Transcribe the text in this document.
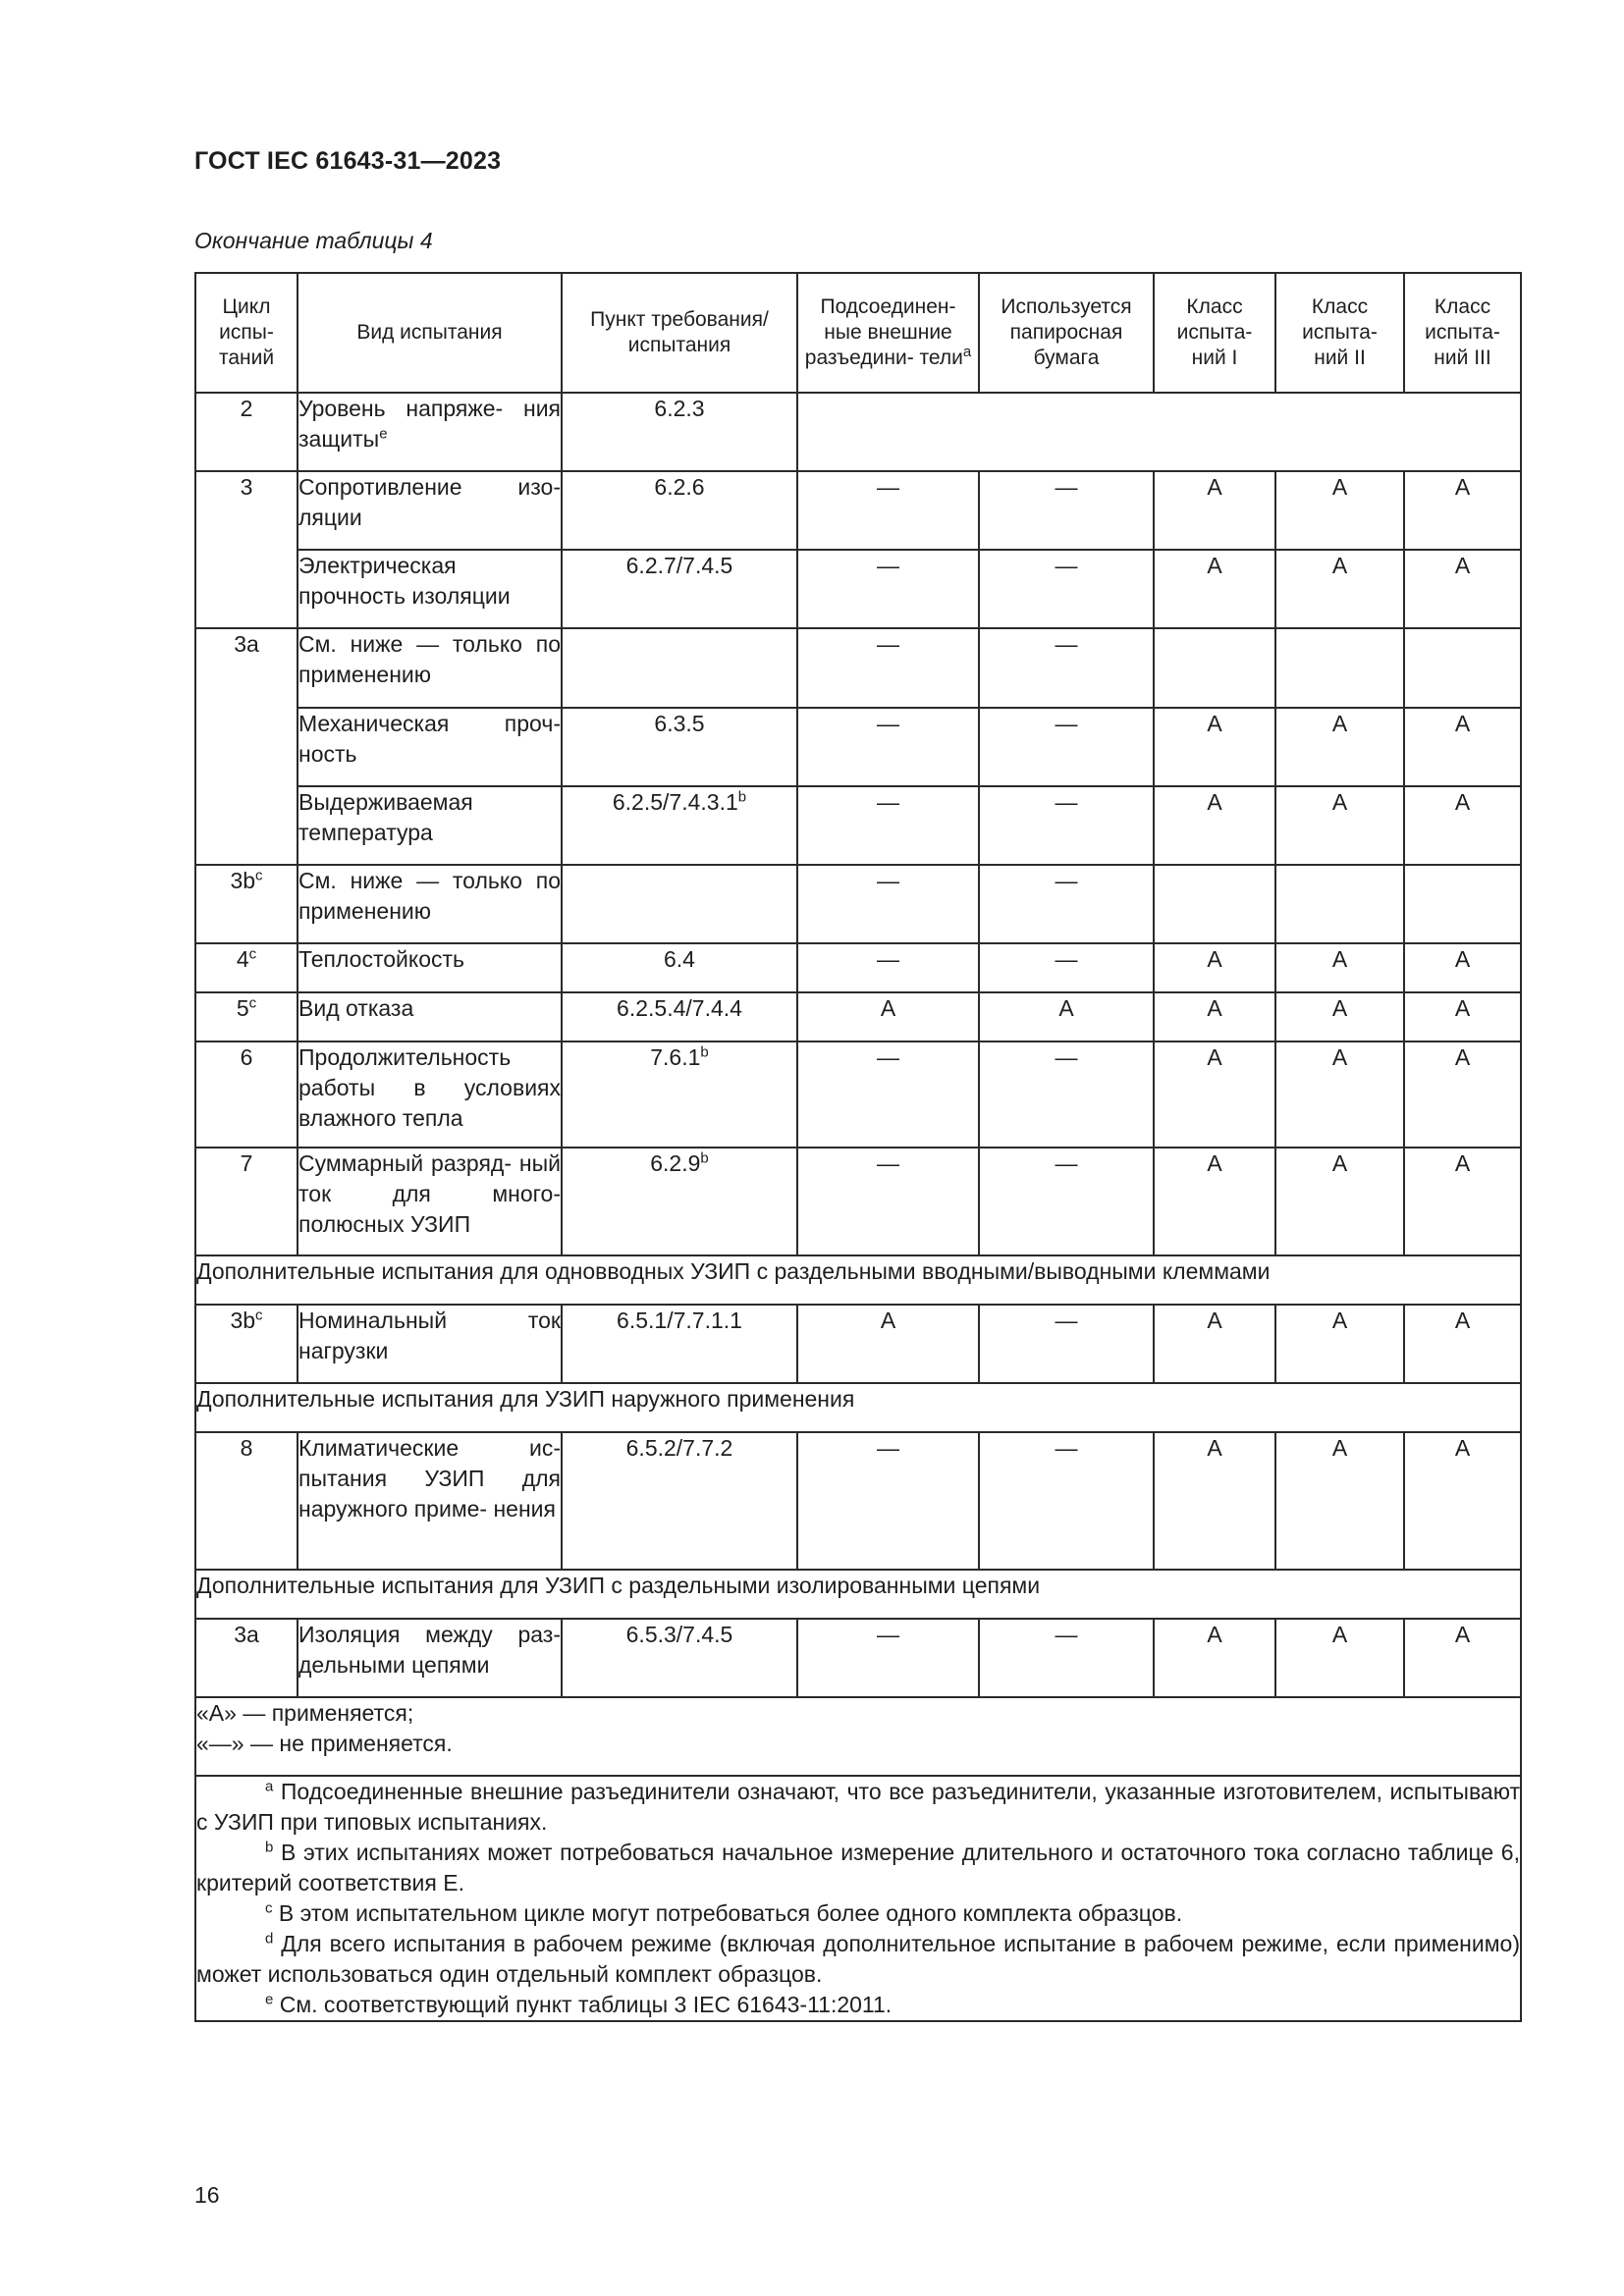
ГОСТ IEC 61643-31—2023
Окончание таблицы 4
Цикл испы- таний	Вид испытания	Пункт требования/ испытания	Подсоединен- ные внешние разъедини- тели$^a$	Используется папиросная бумага	Класс испыта- ний I	Класс испыта- ний II	Класс испыта- ний III
2	Уровень напряже- ния защиты$^e$	6.2.3					
3	Сопротивление изо- ляции	6.2.6	—	—	A	A	A
	Электрическая прочность изоляции	6.2.7/7.4.5	—	—	A	A	A
3a	См. ниже — только по применению		—	—			
	Механическая проч- ность	6.3.5	—	—	A	A	A
	Выдерживаемая температура	6.2.5/7.4.3.1$^b$	—	—	A	A	A
$3b^c$	См. ниже — только по применению		—	—			
4$^c$	Теплостойкость	6.4	—	—	A	A	A
5$^c$	Вид отказа	6.2.5.4/7.4.4	A	A	A	A	A
6	Продолжительность работы в условиях влажного тепла	7.6.1$^b$	—	—	A	A	A
7	Суммарный разряд- ный ток для много- полюсных УЗИП	6.2.9$^b$	—	—	A	A	A
Дополнительные испытания для одновводных УЗИП с раздельными вводными/выводными клеммами							
$3b^c$	Номинальный ток нагрузки	6.5.1/7.7.1.1	A	—	A	A	A
Дополнительные испытания для УЗИП наружного применения							
8	Климатические ис- пытания УЗИП для наружного приме- нения	6.5.2/7.7.2	—	—	A	A	A
Дополнительные испытания для УЗИП с раздельными изолированными цепями							
3a	Изоляция между раз- дельными цепями	6.5.3/7.4.5	—	—	A	A	A

«A» — применяется;
«—» — не применяется.							

$^a$ Подсоединенные внешние разъединители означают, что все разъединители, указанные изготовителем, испытывают с УЗИП при типовых испытаниях.
$^b$ В этих испытаниях может потребоваться начальное измерение длительного и остаточного тока согласно таблице 6, критерий соответствия E.
$^c$ В этом испытательном цикле могут потребоваться более одного комплекта образцов.
$^d$ Для всего испытания в рабочем режиме (включая дополнительное испытание в рабочем режиме, если применимо) может использоваться один отдельный комплект образцов.
$^e$ См. соответствующий пункт таблицы 3 IEC 61643-11:2011.							
16
